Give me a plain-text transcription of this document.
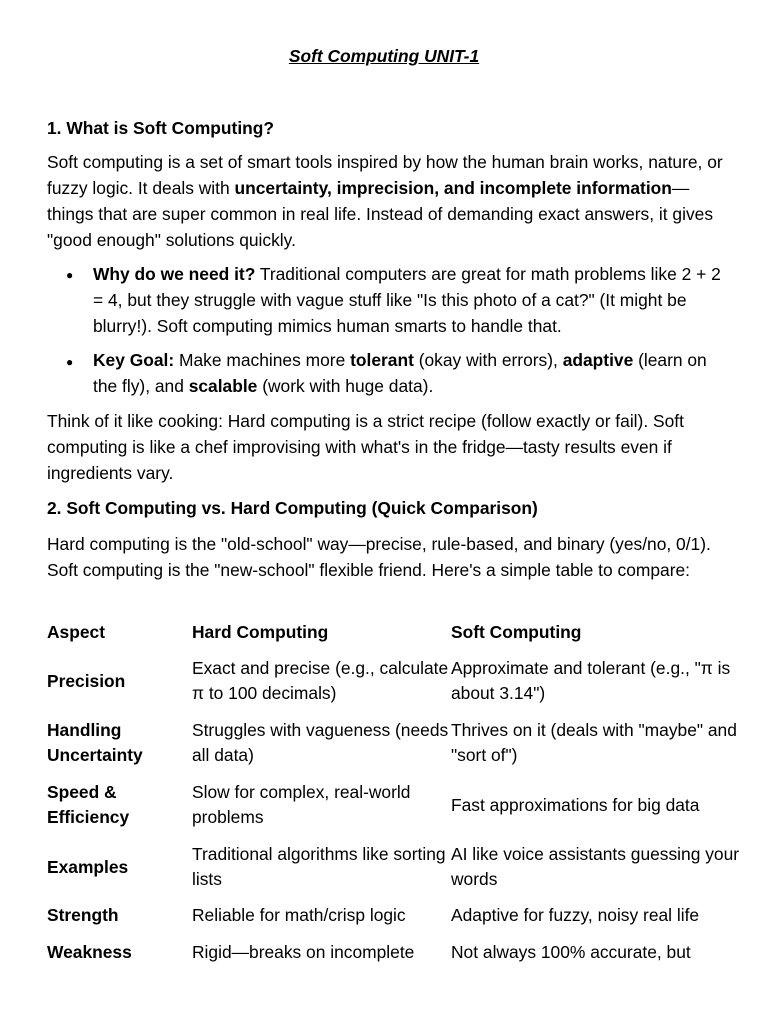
Soft Computing UNIT-1
1. What is Soft Computing?
Soft computing is a set of smart tools inspired by how the human brain works, nature, or fuzzy logic. It deals with uncertainty, imprecision, and incomplete information—things that are super common in real life. Instead of demanding exact answers, it gives "good enough" solutions quickly.
● Why do we need it? Traditional computers are great for math problems like 2 + 2 = 4, but they struggle with vague stuff like "Is this photo of a cat?" (It might be blurry!). Soft computing mimics human smarts to handle that.
● Key Goal: Make machines more tolerant (okay with errors), adaptive (learn on the fly), and scalable (work with huge data).
Think of it like cooking: Hard computing is a strict recipe (follow exactly or fail). Soft computing is like a chef improvising with what's in the fridge—tasty results even if ingredients vary.
2. Soft Computing vs. Hard Computing (Quick Comparison)
Hard computing is the "old-school" way—precise, rule-based, and binary (yes/no, 0/1). Soft computing is the "new-school" flexible friend. Here's a simple table to compare:
Aspect	Hard Computing	Soft Computing

Precision	Exact and precise (e.g., calculate π to 100 decimals)	Approximate and tolerant (e.g., "π is about 3.14")

Handling Uncertainty	Struggles with vagueness (needs all data)	Thrives on it (deals with "maybe" and "sort of")

Speed & Efficiency	Slow for complex, real-world problems	Fast approximations for big data

Examples	Traditional algorithms like sorting lists	AI like voice assistants guessing your words

Strength	Reliable for math/crisp logic	Adaptive for fuzzy, noisy real life

Weakness	Rigid—breaks on incomplete	Not always 100% accurate, but
